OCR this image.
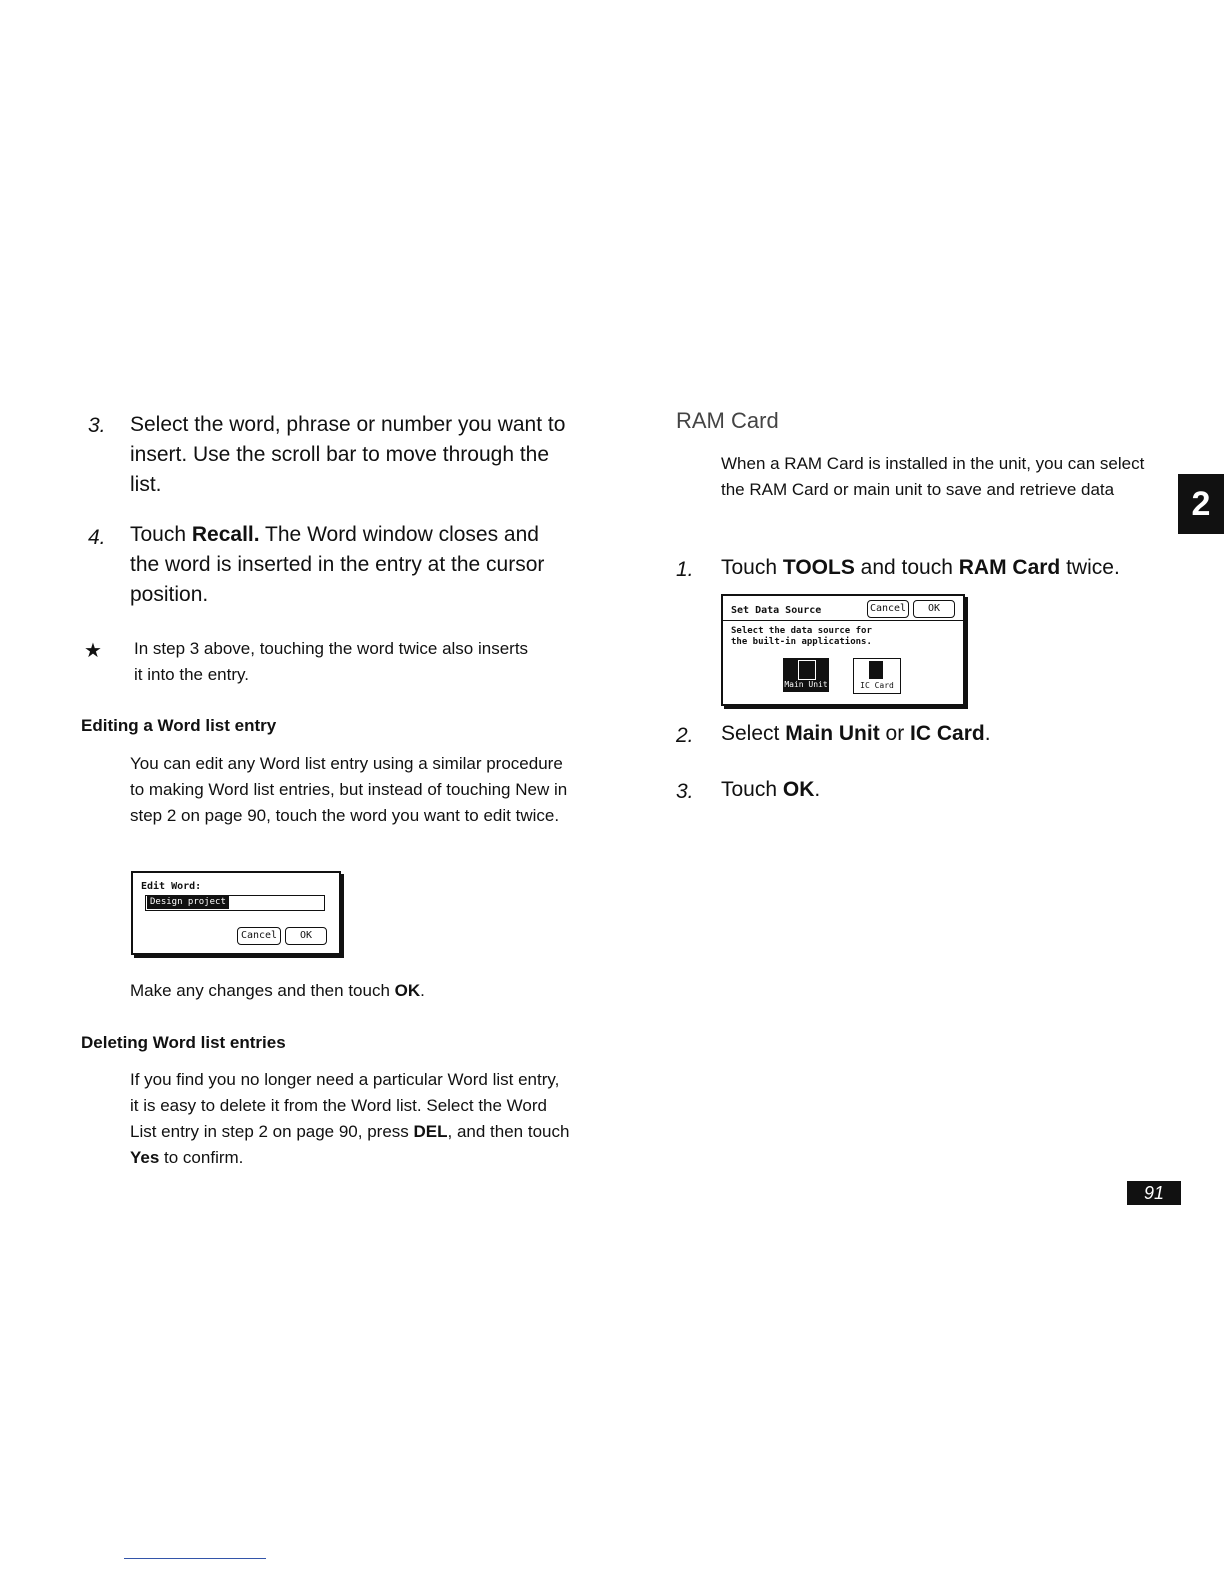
3. Select the word, phrase or number you want to insert. Use the scroll bar to move through the list.
4. Touch Recall. The Word window closes and the word is inserted in the entry at the cursor position.
★ In step 3 above, touching the word twice also inserts it into the entry.
Editing a Word list entry
You can edit any Word list entry using a similar procedure to making Word list entries, but instead of touching New in step 2 on page 90, touch the word you want to edit twice.
Edit Word:
Design project
Cancel	OK
Make any changes and then touch OK.
Deleting Word list entries
If you find you no longer need a particular Word list entry, it is easy to delete it from the Word list. Select the Word List entry in step 2 on page 90, press DEL, and then touch Yes to confirm.
RAM Card
When a RAM Card is installed in the unit, you can select the RAM Card or main unit to save and retrieve data
1. Touch TOOLS and touch RAM Card twice.
Set Data Source	Cancel	OK
Select the data source for the built-in applications.
Main Unit	IC Card
2. Select Main Unit or IC Card.
3. Touch OK.
2
91
